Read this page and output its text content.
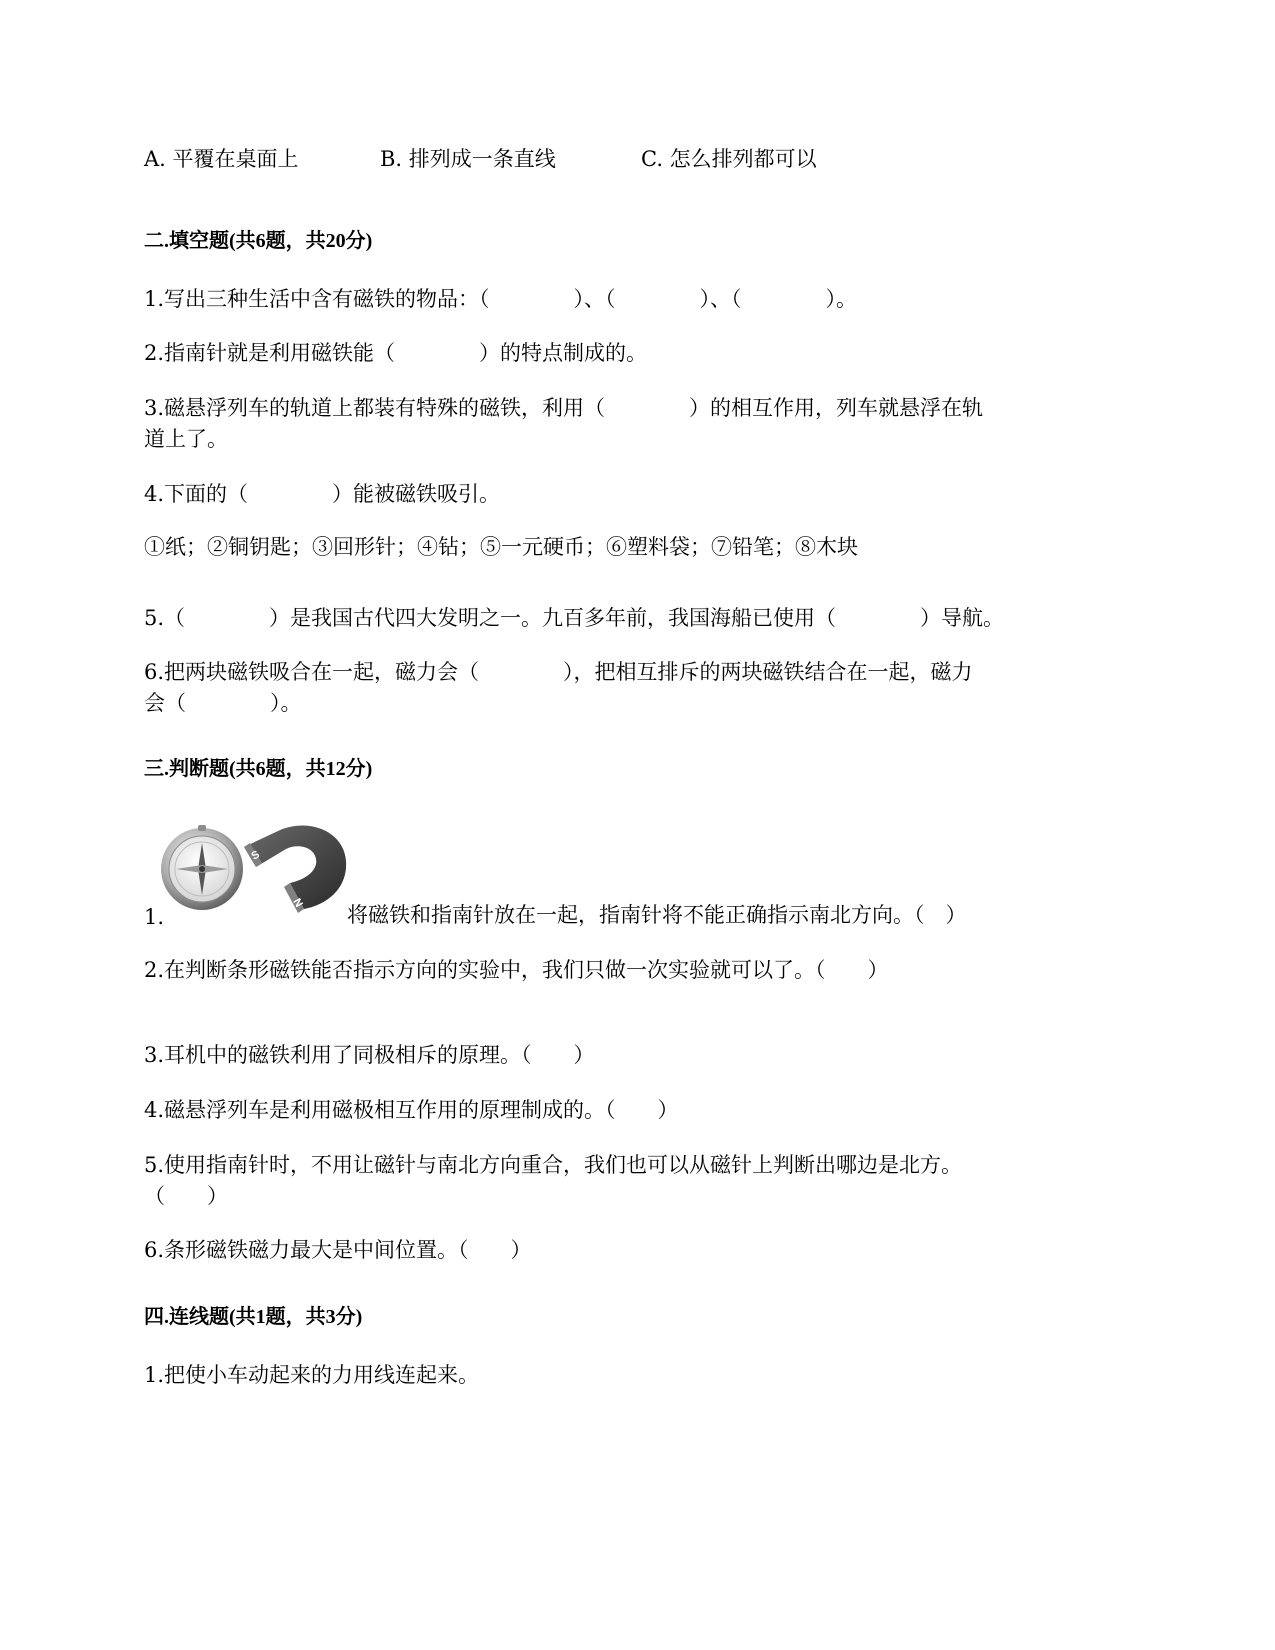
A. 平覆在桌面上	B. 排列成一条直线	C. 怎么排列都可以
二.填空题(共6题，共20分)
1.写出三种生活中含有磁铁的物品：（　　　　）、（　　　　）、（　　　　）。
2.指南针就是利用磁铁能（　　　　）的特点制成的。
3.磁悬浮列车的轨道上都装有特殊的磁铁，利用（　　　　）的相互作用，列车就悬浮在轨
道上了。
4.下面的（　　　　）能被磁铁吸引。
①纸；②铜钥匙；③回形针；④钻；⑤一元硬币；⑥塑料袋；⑦铅笔；⑧木块
5.（　　　　）是我国古代四大发明之一。九百多年前，我国海船已使用（　　　　）导航。
6.把两块磁铁吸合在一起，磁力会（　　　　），把相互排斥的两块磁铁结合在一起，磁力
会（　　　　）。
三.判断题(共6题，共12分)
S
N
1.	将磁铁和指南针放在一起，指南针将不能正确指示南北方向。（　）
2.在判断条形磁铁能否指示方向的实验中，我们只做一次实验就可以了。（　　）
3.耳机中的磁铁利用了同极相斥的原理。（　　）
4.磁悬浮列车是利用磁极相互作用的原理制成的。（　　）
5.使用指南针时，不用让磁针与南北方向重合，我们也可以从磁针上判断出哪边是北方。
（　　）
6.条形磁铁磁力最大是中间位置。（　　）
四.连线题(共1题，共3分)
1.把使小车动起来的力用线连起来。
